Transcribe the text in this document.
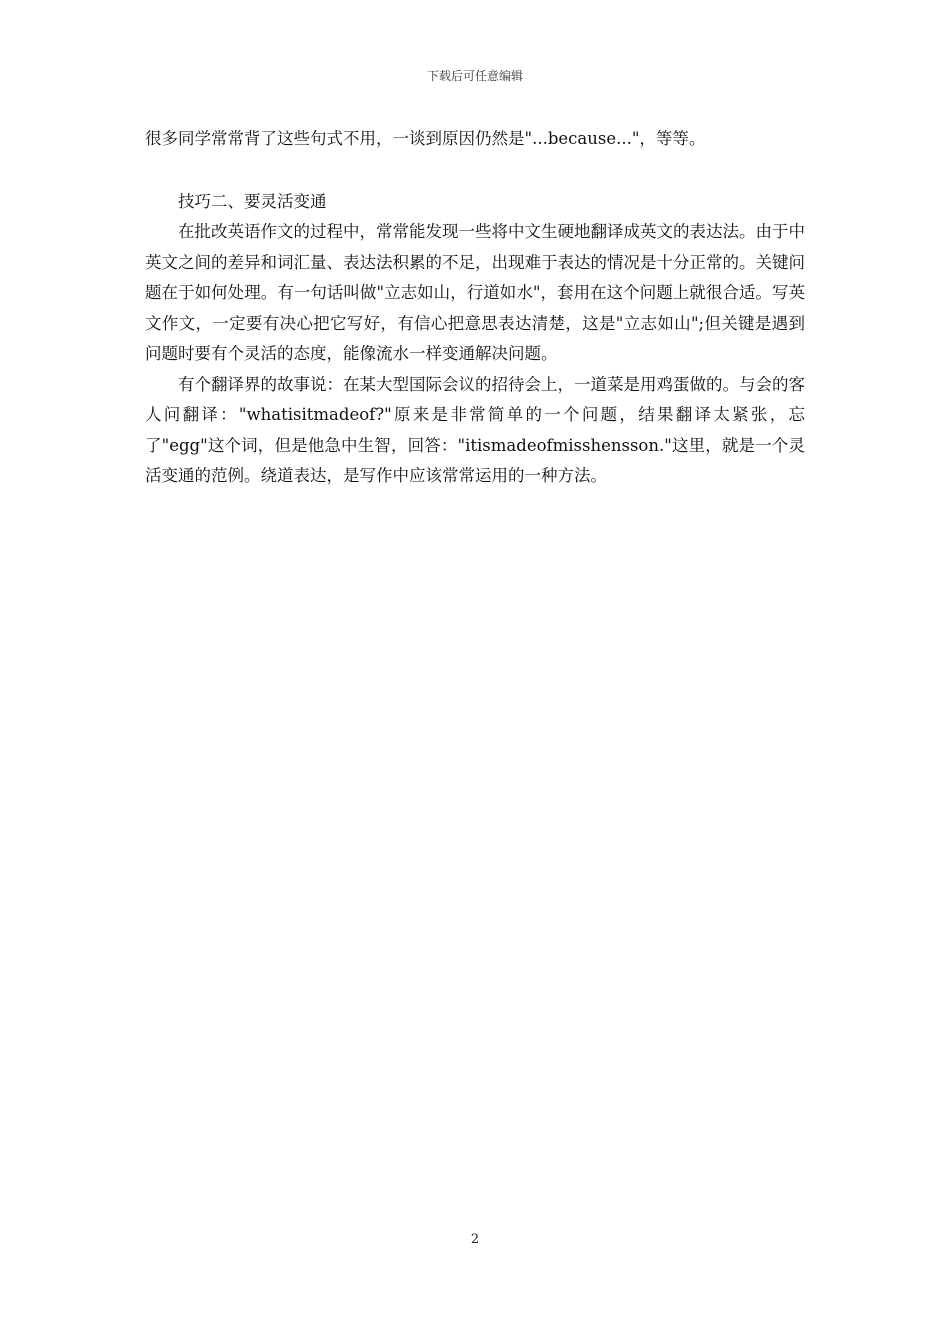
下载后可任意编辑

很多同学常常背了这些句式不用，一谈到原因仍然是"...because..."，等等。

技巧二、要灵活变通

在批改英语作文的过程中，常常能发现一些将中文生硬地翻译成英文的表达法。由于中英文之间的差异和词汇量、表达法积累的不足，出现难于表达的情况是十分正常的。关键问题在于如何处理。有一句话叫做"立志如山，行道如水"，套用在这个问题上就很合适。写英文作文，一定要有决心把它写好，有信心把意思表达清楚，这是"立志如山";但关键是遇到问题时要有个灵活的态度，能像流水一样变通解决问题。

有个翻译界的故事说：在某大型国际会议的招待会上，一道菜是用鸡蛋做的。与会的客人问翻译："whatisitmadeof?"原来是非常简单的一个问题，结果翻译太紧张，忘了"egg"这个词，但是他急中生智，回答："itismadeofmisshensson."这里，就是一个灵活变通的范例。绕道表达，是写作中应该常常运用的一种方法。

2
